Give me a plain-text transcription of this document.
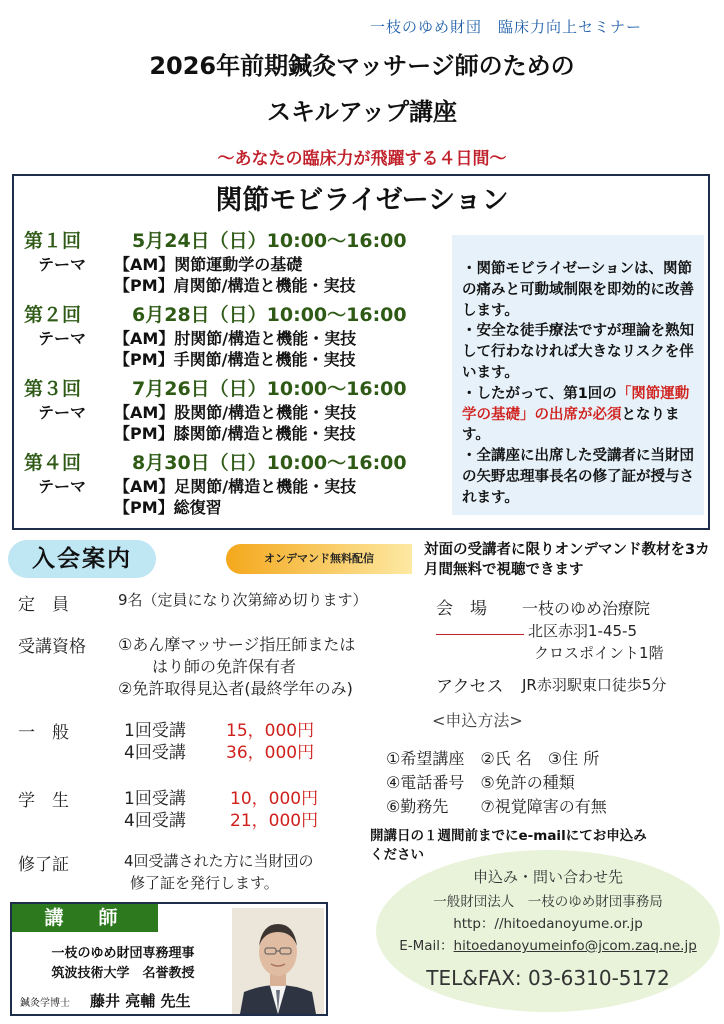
一枝のゆめ財団　臨床力向上セミナー
2026年前期鍼灸マッサージ師のための
スキルアップ講座
～あなたの臨床力が飛躍する４日間～
関節モビライゼーション
第１回	5月24日（日）10:00～16:00
テーマ 【AM】関節運動学の基礎
【PM】肩関節/構造と機能・実技
第２回	6月28日（日）10:00～16:00
テーマ 【AM】肘関節/構造と機能・実技
【PM】手関節/構造と機能・実技
第３回	7月26日（日）10:00～16:00
テーマ 【AM】股関節/構造と機能・実技
【PM】膝関節/構造と機能・実技
第４回	8月30日（日）10:00～16:00
テーマ 【AM】足関節/構造と機能・実技
【PM】総復習
・関節モビライゼーションは、関節の痛みと可動域制限を即効的に改善します。
・安全な徒手療法ですが理論を熟知して行わなければ大きなリスクを伴います。
・したがって、第1回の「関節運動学の基礎」の出席が必須となります。
・全講座に出席した受講者に当財団の矢野忠理事長名の修了証が授与されます。
入会案内	オンデマンド無料配信
対面の受講者に限りオンデマンド教材を3カ月間無料で視聴できます
定　員	9名（定員になり次第締め切ります）
受講資格 ①あん摩マッサージ指圧師または
はり師の免許保有者
②免許取得見込者(最終学年のみ)
一　般	1回受講 15，000円
4回受講 36，000円
学　生	1回受講	10，000円
4回受講	21，000円
修了証	4回受講された方に当財団の
修了証を発行します。
会　場 一枝のゆめ治療院
北区赤羽1-45-5
クロスポイント1階
アクセス JR赤羽駅東口徒歩5分
<申込方法>
①希望講座　②氏 名　③住 所
④電話番号　⑤免許の種類
⑥勤務先　　⑦視覚障害の有無
開講日の１週間前までにe-mailにてお申込み
ください
申込み・問い合わせ先
一般財団法人　一枝のゆめ財団事務局
http：//hitoedanoyume.or.jp
E-Mail：hitoedanoyumeinfo@jcom.zaq.ne.jp
TEL&FAX: 03-6310-5172
講　師
一枝のゆめ財団専務理事
筑波技術大学　名誉教授
鍼灸学博士 藤井 亮輔 先生
